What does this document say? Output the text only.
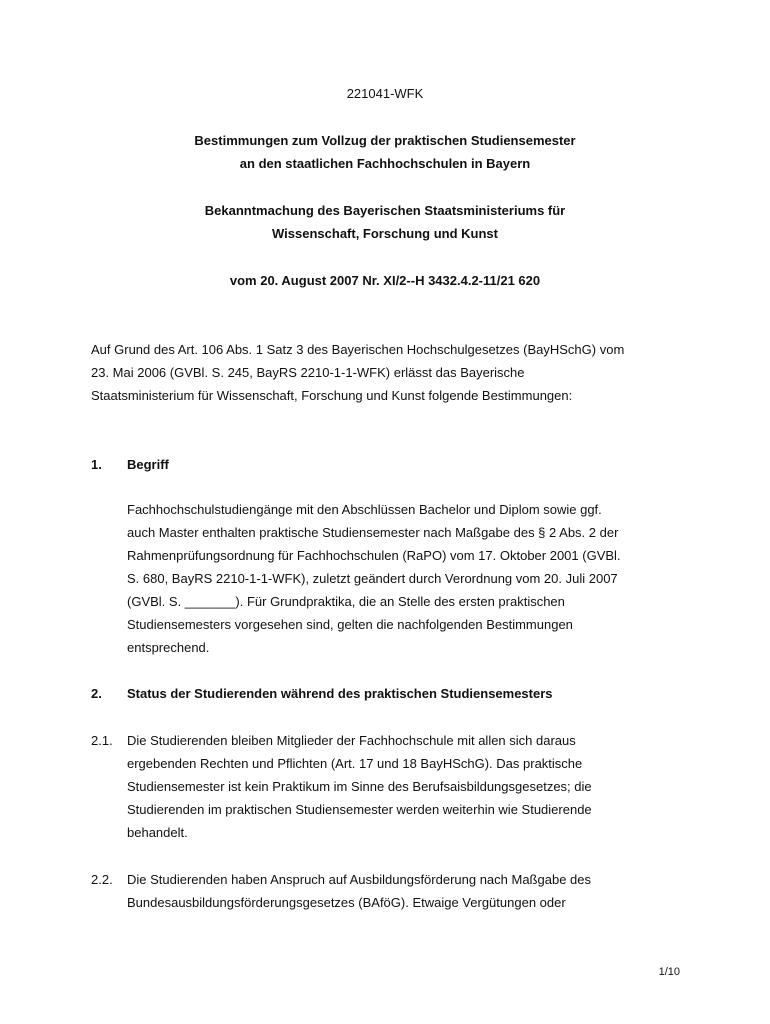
221041-WFK
Bestimmungen zum Vollzug der praktischen Studiensemester
an den staatlichen Fachhochschulen in Bayern
Bekanntmachung des Bayerischen Staatsministeriums für
Wissenschaft, Forschung und Kunst
vom 20. August 2007 Nr. XI/2--H 3432.4.2-11/21 620
Auf Grund des Art. 106 Abs. 1 Satz 3 des Bayerischen Hochschulgesetzes (BayHSchG) vom
23. Mai 2006 (GVBl. S. 245, BayRS 2210-1-1-WFK) erlässt das Bayerische
Staatsministerium für Wissenschaft, Forschung und Kunst folgende Bestimmungen:
1. Begriff
Fachhochschulstudiengänge mit den Abschlüssen Bachelor und Diplom sowie ggf.
auch Master enthalten praktische Studiensemester nach Maßgabe des § 2 Abs. 2 der
Rahmenprüfungsordnung für Fachhochschulen (RaPO) vom 17. Oktober 2001 (GVBl.
S. 680, BayRS 2210-1-1-WFK), zuletzt geändert durch Verordnung vom 20. Juli 2007
(GVBl. S. _______). Für Grundpraktika, die an Stelle des ersten praktischen
Studiensemesters vorgesehen sind, gelten die nachfolgenden Bestimmungen
entsprechend.
2. Status der Studierenden während des praktischen Studiensemesters
2.1. Die Studierenden bleiben Mitglieder der Fachhochschule mit allen sich daraus
ergebenden Rechten und Pflichten (Art. 17 und 18 BayHSchG). Das praktische
Studiensemester ist kein Praktikum im Sinne des Berufsaisbildungsgesetzes; die
Studierenden im praktischen Studiensemester werden weiterhin wie Studierende
behandelt.
2.2. Die Studierenden haben Anspruch auf Ausbildungsförderung nach Maßgabe des
Bundesausbildungsförderungsgesetzes (BAföG). Etwaige Vergütungen oder
1/10
